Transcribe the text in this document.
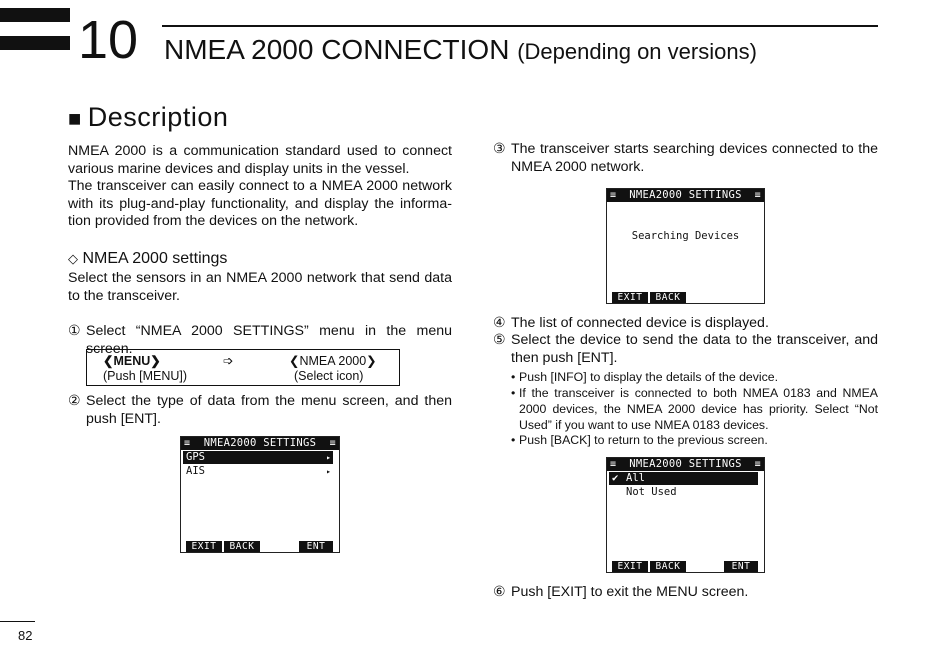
10 NMEA 2000 CONNECTION (Depending on versions)
■ Description
NMEA 2000 is a communication standard used to connect various marine devices and display units in the vessel.
The transceiver can easily connect to a NMEA 2000 network with its plug-and-play functionality, and display the informa-tion provided from the devices on the network.
◇ NMEA 2000 settings
Select the sensors in an NMEA 2000 network that send data to the transceiver.
① Select “NMEA 2000 SETTINGS” menu in the menu screen.
❮MENU❯	➩	❮NMEA 2000❯
(Push [MENU])	(Select icon)
② Select the type of data from the menu screen, and then push [ENT].
≡ NMEA2000 SETTINGS ≡
GPS	▸
AIS	▸
EXIT	BACK	ENT
③ The transceiver starts searching devices connected to the NMEA 2000 network.
≡ NMEA2000 SETTINGS ≡
Searching Devices
EXIT	BACK
④ The list of connected device is displayed.
⑤ Select the device to send the data to the transceiver, and then push [ENT].
• Push [INFO] to display the details of the device.
• If the transceiver is connected to both NMEA 0183 and NMEA 2000 devices, the NMEA 2000 device has priority. Select “Not Used” if you want to use NMEA 0183 devices.
• Push [BACK] to return to the previous screen.
≡ NMEA2000 SETTINGS ≡
✔ All
Not Used
EXIT	BACK	ENT
⑥ Push [EXIT] to exit the MENU screen.
82
